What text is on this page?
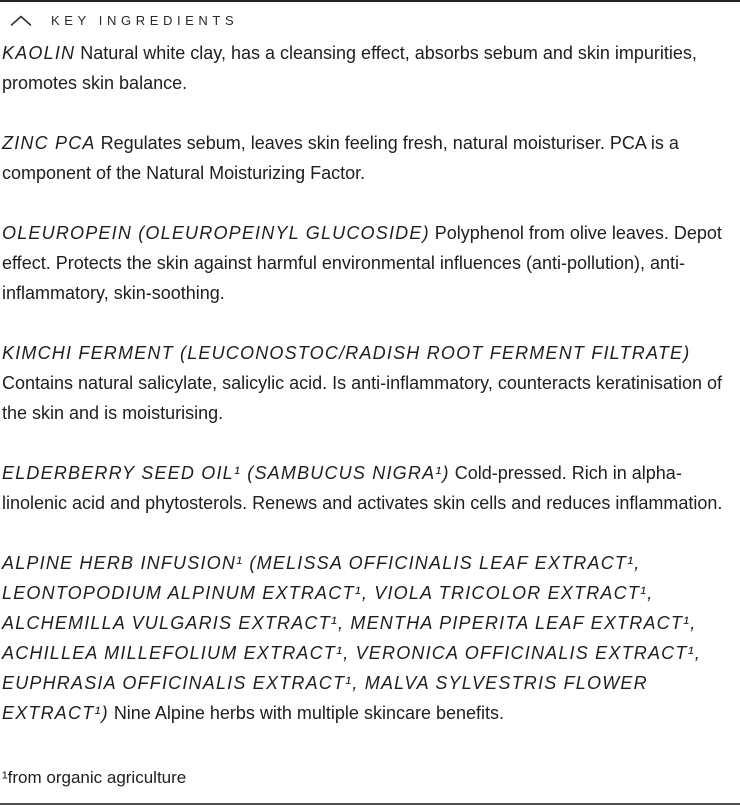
KEY INGREDIENTS

KAOLIN Natural white clay, has a cleansing effect, absorbs sebum and skin impurities, promotes skin balance.

ZINC PCA Regulates sebum, leaves skin feeling fresh, natural moisturiser. PCA is a component of the Natural Moisturizing Factor.

OLEUROPEIN (OLEUROPEINYL GLUCOSIDE) Polyphenol from olive leaves. Depot effect. Protects the skin against harmful environmental influences (anti-pollution), anti-inflammatory, skin-soothing.

KIMCHI FERMENT (LEUCONOSTOC/RADISH ROOT FERMENT FILTRATE) Contains natural salicylate, salicylic acid. Is anti-inflammatory, counteracts keratinisation of the skin and is moisturising.

ELDERBERRY SEED OIL¹ (SAMBUCUS NIGRA¹) Cold-pressed. Rich in alpha-linolenic acid and phytosterols. Renews and activates skin cells and reduces inflammation.

ALPINE HERB INFUSION¹ (MELISSA OFFICINALIS LEAF EXTRACT¹, LEONTOPODIUM ALPINUM EXTRACT¹, VIOLA TRICOLOR EXTRACT¹, ALCHEMILLA VULGARIS EXTRACT¹, MENTHA PIPERITA LEAF EXTRACT¹, ACHILLEA MILLEFOLIUM EXTRACT¹, VERONICA OFFICINALIS EXTRACT¹, EUPHRASIA OFFICINALIS EXTRACT¹, MALVA SYLVESTRIS FLOWER EXTRACT¹) Nine Alpine herbs with multiple skincare benefits.

¹from organic agriculture
